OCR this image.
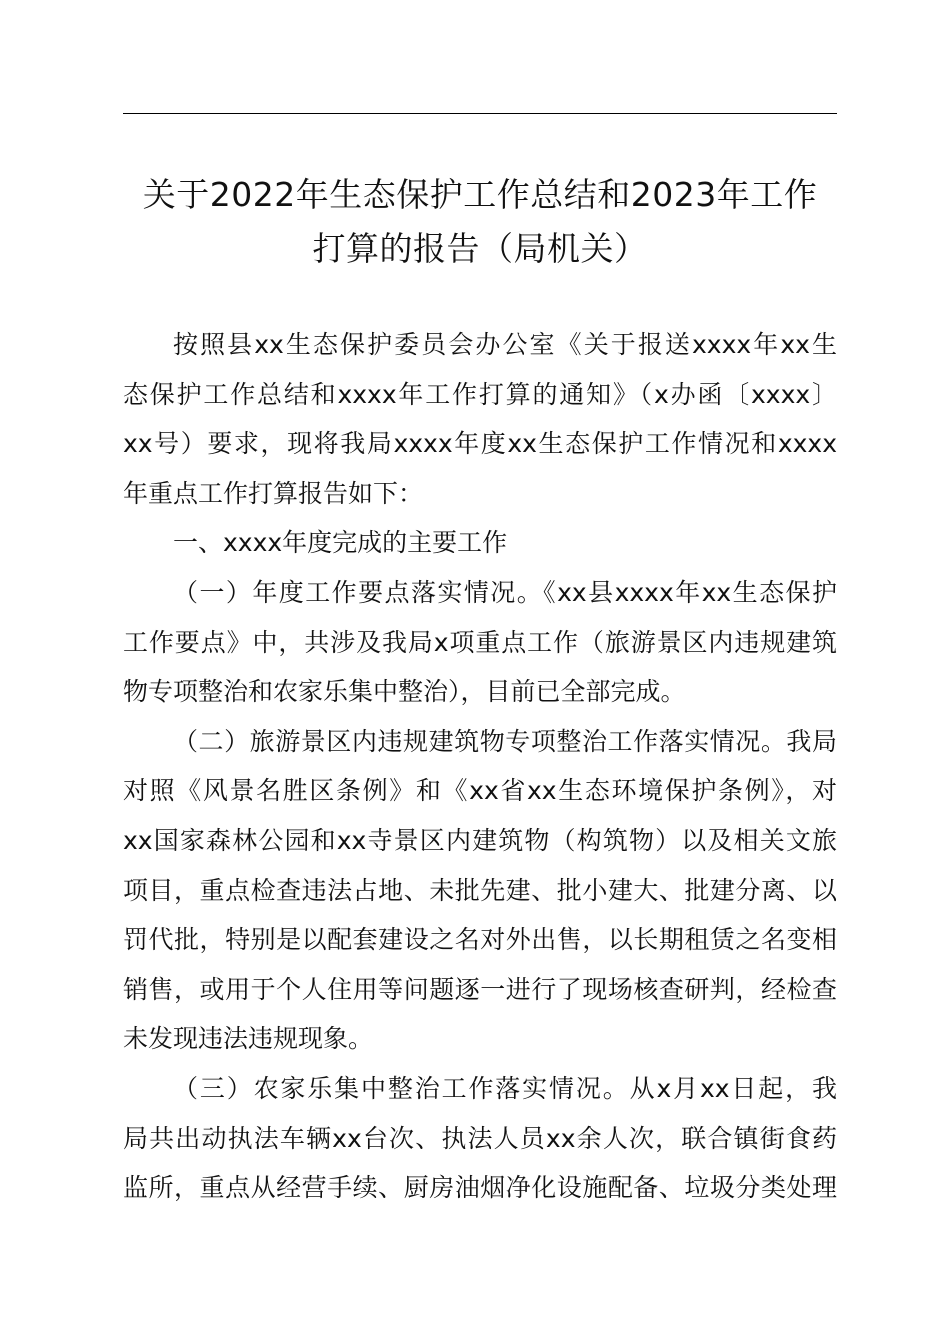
关于2022年生态保护工作总结和2023年工作
打算的报告（局机关）

按照县xx生态保护委员会办公室《关于报送xxxx年xx生
态保护工作总结和xxxx年工作打算的通知》（x办函〔xxxx〕
xx号）要求，现将我局xxxx年度xx生态保护工作情况和xxxx
年重点工作打算报告如下：

一、xxxx年度完成的主要工作

（一）年度工作要点落实情况。《xx县xxxx年xx生态保护
工作要点》中，共涉及我局x项重点工作（旅游景区内违规建筑
物专项整治和农家乐集中整治），目前已全部完成。

（二）旅游景区内违规建筑物专项整治工作落实情况。我局
对照《风景名胜区条例》和《xx省xx生态环境保护条例》，对
xx国家森林公园和xx寺景区内建筑物（构筑物）以及相关文旅
项目，重点检查违法占地、未批先建、批小建大、批建分离、以
罚代批，特别是以配套建设之名对外出售，以长期租赁之名变相
销售，或用于个人住用等问题逐一进行了现场核查研判，经检查
未发现违法违规现象。

（三）农家乐集中整治工作落实情况。从x月xx日起，我
局共出动执法车辆xx台次、执法人员xx余人次，联合镇街食药
监所，重点从经营手续、厨房油烟净化设施配备、垃圾分类处理
